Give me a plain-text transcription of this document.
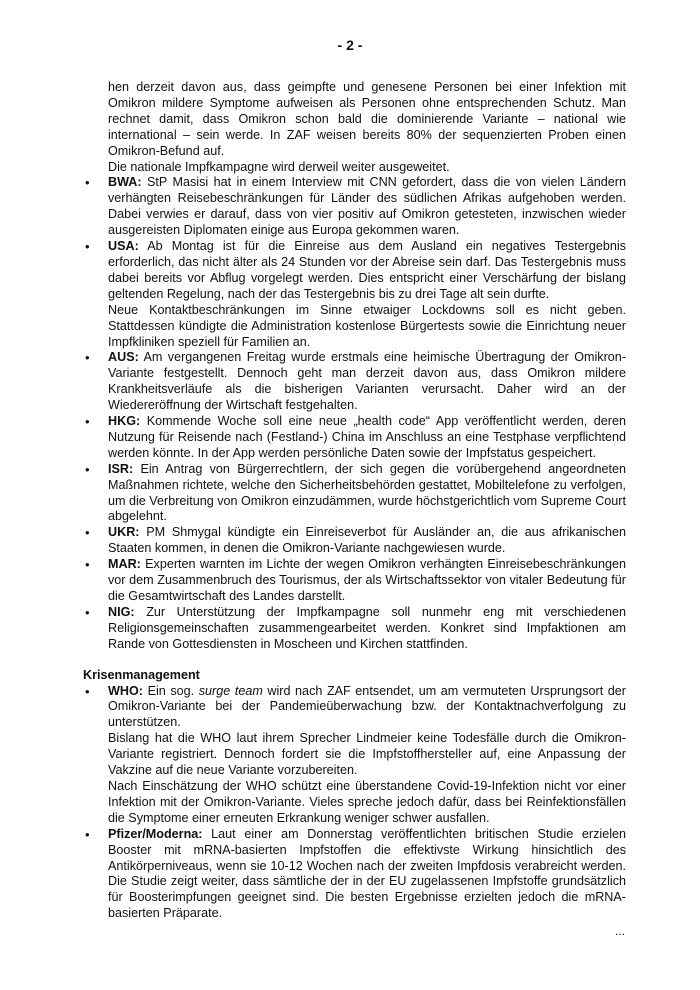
- 2 -

hen derzeit davon aus, dass geimpfte und genesene Personen bei einer Infektion mit Omikron mildere Symptome aufweisen als Personen ohne entsprechenden Schutz. Man rechnet damit, dass Omikron schon bald die dominierende Variante – national wie international – sein werde. In ZAF weisen bereits 80% der sequenzierten Proben einen Omikron-Befund auf.

Die nationale Impfkampagne wird derweil weiter ausgeweitet.

• BWA: StP Masisi hat in einem Interview mit CNN gefordert, dass die von vielen Ländern verhängten Reisebeschränkungen für Länder des südlichen Afrikas aufgehoben werden. Dabei verwies er darauf, dass von vier positiv auf Omikron getesteten, inzwischen wieder ausgereisten Diplomaten einige aus Europa gekommen waren.

• USA: Ab Montag ist für die Einreise aus dem Ausland ein negatives Testergebnis erforderlich, das nicht älter als 24 Stunden vor der Abreise sein darf. Das Testergebnis muss dabei bereits vor Abflug vorgelegt werden. Dies entspricht einer Verschärfung der bislang geltenden Regelung, nach der das Testergebnis bis zu drei Tage alt sein durfte.

Neue Kontaktbeschränkungen im Sinne etwaiger Lockdowns soll es nicht geben. Stattdessen kündigte die Administration kostenlose Bürgertests sowie die Einrichtung neuer Impfkliniken speziell für Familien an.

• AUS: Am vergangenen Freitag wurde erstmals eine heimische Übertragung der Omikron-Variante festgestellt. Dennoch geht man derzeit davon aus, dass Omikron mildere Krankheitsverläufe als die bisherigen Varianten verursacht. Daher wird an der Wiedereröffnung der Wirtschaft festgehalten.

• HKG: Kommende Woche soll eine neue „health code“ App veröffentlicht werden, deren Nutzung für Reisende nach (Festland-) China im Anschluss an eine Testphase verpflichtend werden könnte. In der App werden persönliche Daten sowie der Impfstatus gespeichert.

• ISR: Ein Antrag von Bürgerrechtlern, der sich gegen die vorübergehend angeordneten Maßnahmen richtete, welche den Sicherheitsbehörden gestattet, Mobiltelefone zu verfolgen, um die Verbreitung von Omikron einzudämmen, wurde höchstgerichtlich vom Supreme Court abgelehnt.

• UKR: PM Shmygal kündigte ein Einreiseverbot für Ausländer an, die aus afrikanischen Staaten kommen, in denen die Omikron-Variante nachgewiesen wurde.

• MAR: Experten warnten im Lichte der wegen Omikron verhängten Einreisebeschränkungen vor dem Zusammenbruch des Tourismus, der als Wirtschaftssektor von vitaler Bedeutung für die Gesamtwirtschaft des Landes darstellt.

• NIG: Zur Unterstützung der Impfkampagne soll nunmehr eng mit verschiedenen Religionsgemeinschaften zusammengearbeitet werden. Konkret sind Impfaktionen am Rande von Gottesdiensten in Moscheen und Kirchen stattfinden.

Krisenmanagement

• WHO: Ein sog. surge team wird nach ZAF entsendet, um am vermuteten Ursprungsort der Omikron-Variante bei der Pandemieüberwachung bzw. der Kontaktnachverfolgung zu unterstützen.

Bislang hat die WHO laut ihrem Sprecher Lindmeier keine Todesfälle durch die Omikron-Variante registriert. Dennoch fordert sie die Impfstoffhersteller auf, eine Anpassung der Vakzine auf die neue Variante vorzubereiten.

Nach Einschätzung der WHO schützt eine überstandene Covid-19-Infektion nicht vor einer Infektion mit der Omikron-Variante. Vieles spreche jedoch dafür, dass bei Reinfektionsfällen die Symptome einer erneuten Erkrankung weniger schwer ausfallen.

• Pfizer/Moderna: Laut einer am Donnerstag veröffentlichten britischen Studie erzielen Booster mit mRNA-basierten Impfstoffen die effektivste Wirkung hinsichtlich des Antikörperniveaus, wenn sie 10-12 Wochen nach der zweiten Impfdosis verabreicht werden. Die Studie zeigt weiter, dass sämtliche der in der EU zugelassenen Impfstoffe grundsätzlich für Boosterimpfungen geeignet sind. Die besten Ergebnisse erzielten jedoch die mRNA-basierten Präparate.

...
